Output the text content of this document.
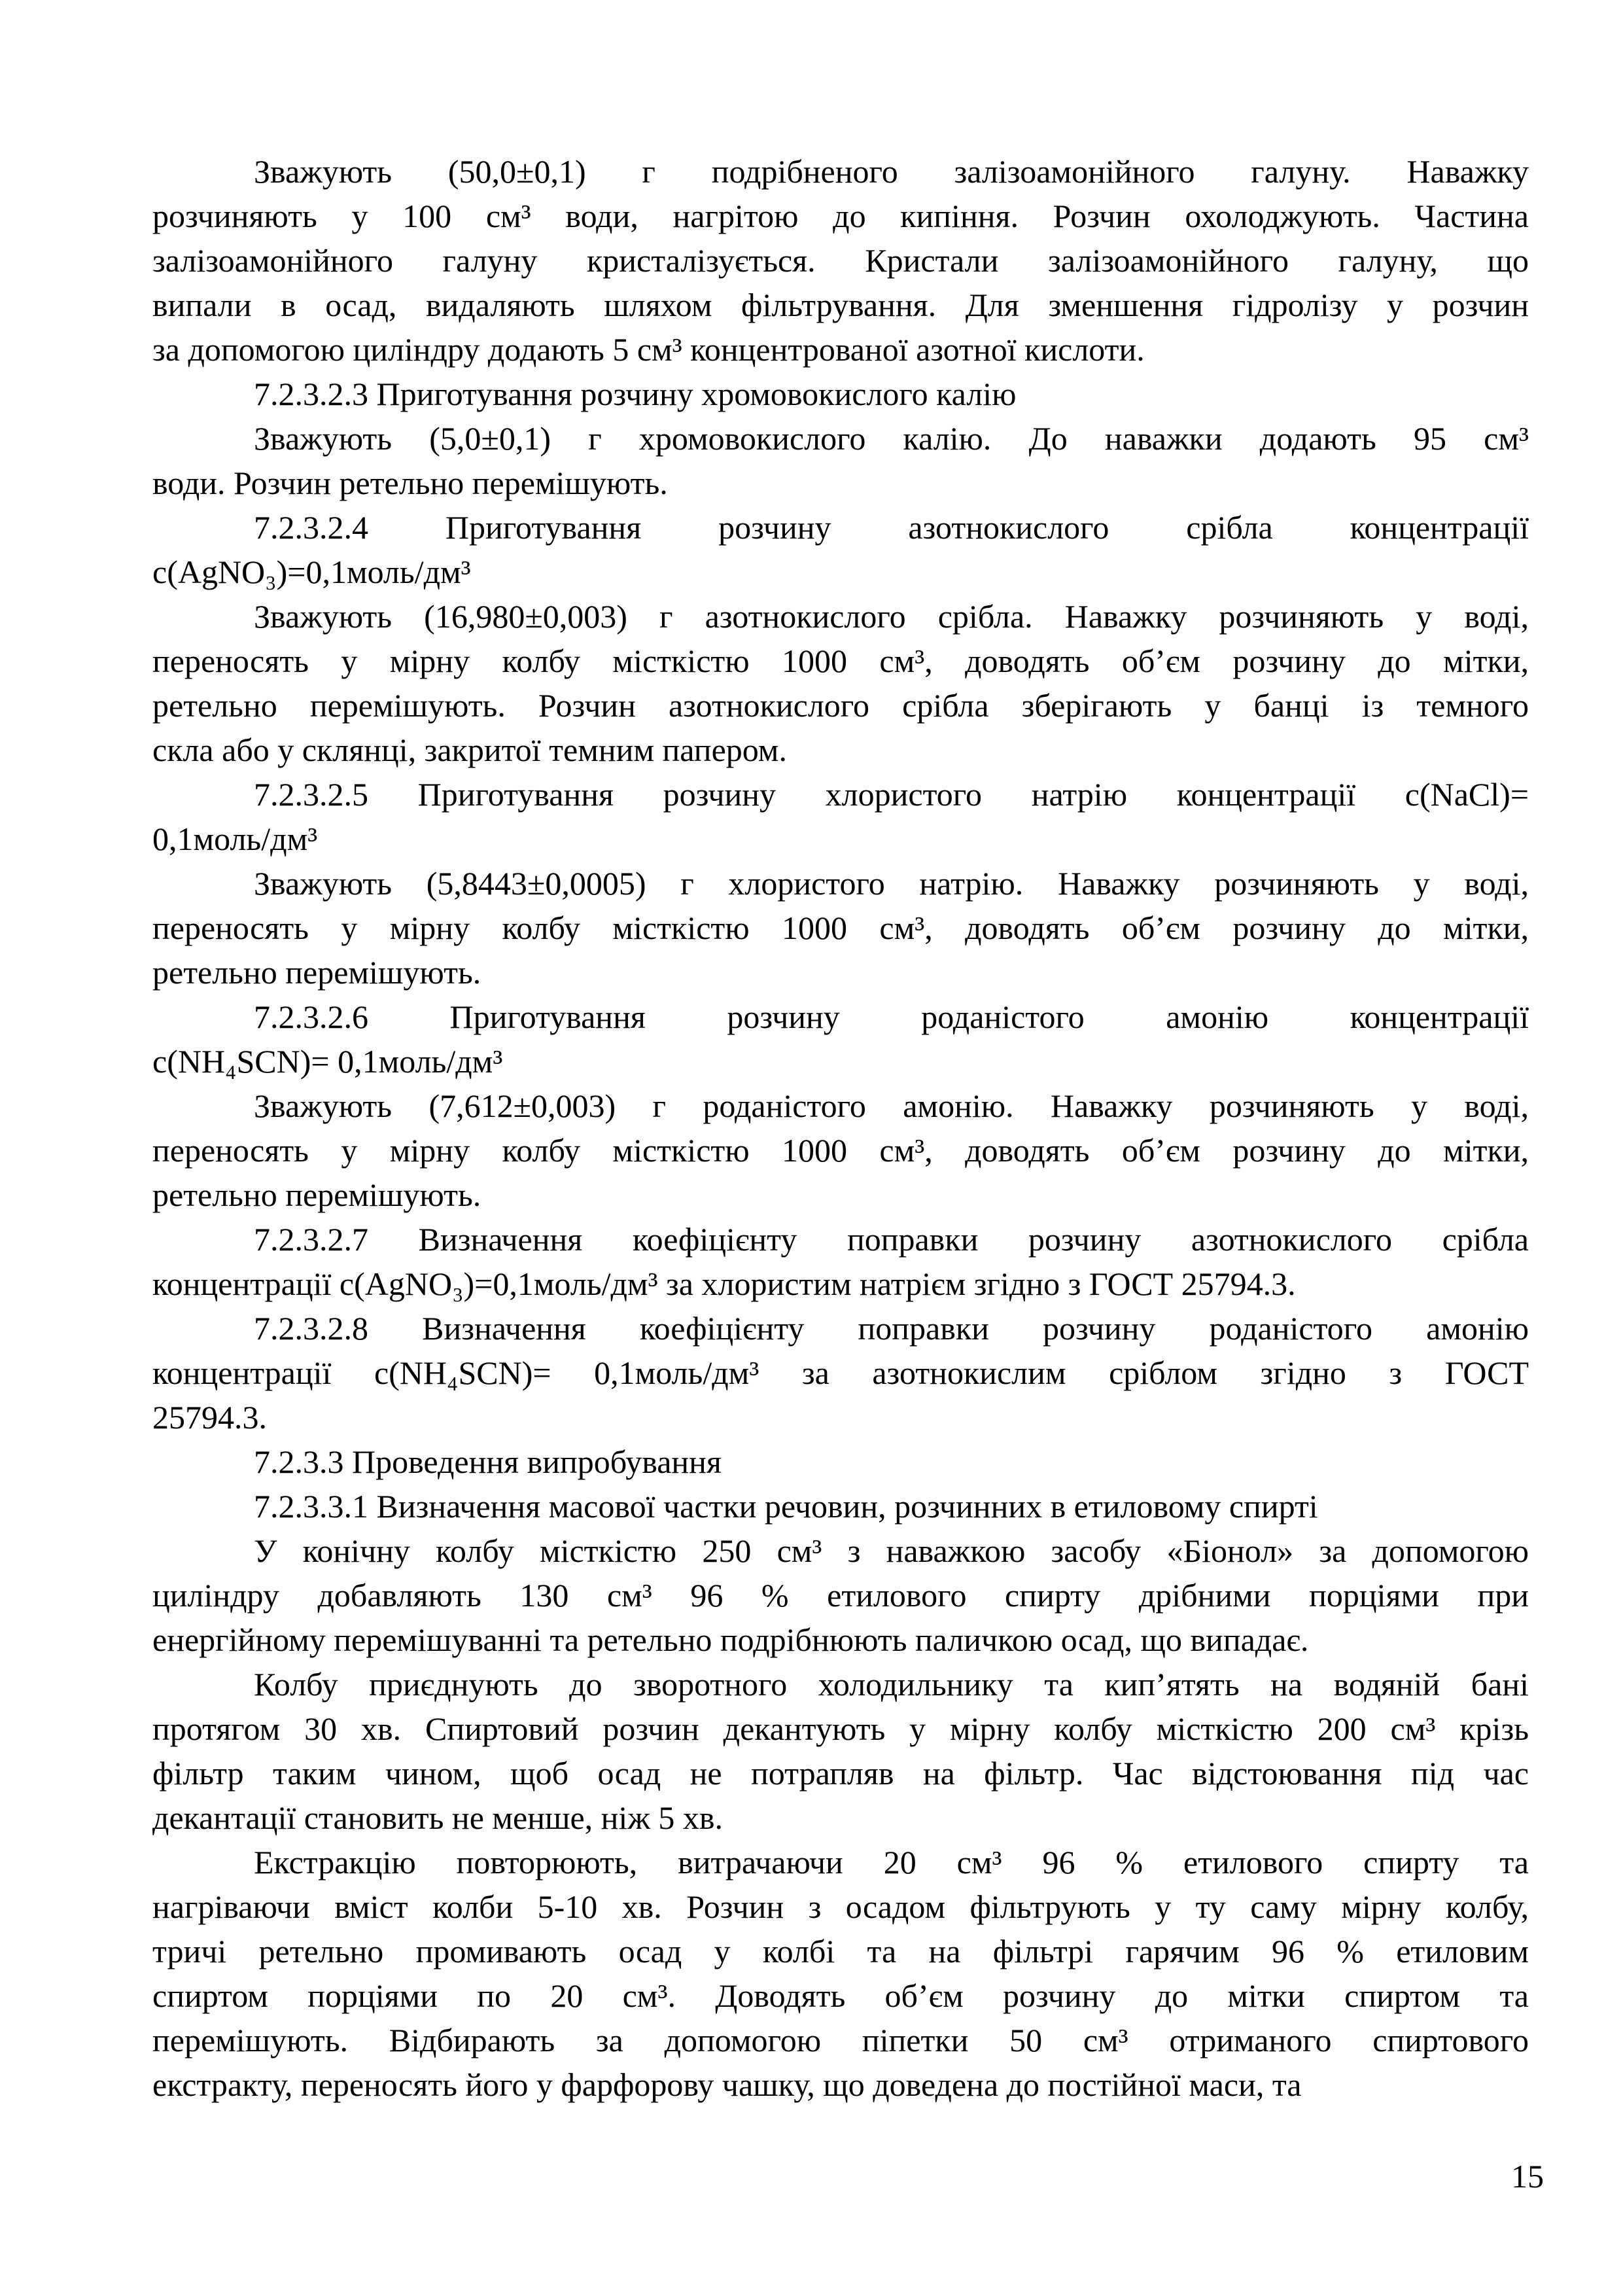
Зважують (50,0±0,1) г подрібненого залізоамонійного галуну. Наважку
розчиняють у 100 см³ води, нагрітою до кипіння. Розчин охолоджують. Частина
залізоамонійного галуну кристалізується. Кристали залізоамонійного галуну, що
випали в осад, видаляють шляхом фільтрування. Для зменшення гідролізу у розчин
за допомогою циліндру додають 5 см³ концентрованої азотної кислоти.
7.2.3.2.3 Приготування розчину хромовокислого калію
Зважують (5,0±0,1) г хромовокислого калію. До наважки додають 95 см³
води. Розчин ретельно перемішують.
7.2.3.2.4 Приготування розчину азотнокислого срібла концентрації
c(AgNO₃)=0,1моль/дм³
Зважують (16,980±0,003) г азотнокислого срібла. Наважку розчиняють у воді,
переносять у мірну колбу місткістю 1000 см³, доводять об’єм розчину до мітки,
ретельно перемішують. Розчин азотнокислого срібла зберігають у банці із темного
скла або у склянці, закритої темним папером.
7.2.3.2.5 Приготування розчину хлористого натрію концентрації c(NaCl)=
0,1моль/дм³
Зважують (5,8443±0,0005) г хлористого натрію. Наважку розчиняють у воді,
переносять у мірну колбу місткістю 1000 см³, доводять об’єм розчину до мітки,
ретельно перемішують.
7.2.3.2.6 Приготування розчину роданістого амонію концентрації
c(NH₄SCN)= 0,1моль/дм³
Зважують (7,612±0,003) г роданістого амонію. Наважку розчиняють у воді,
переносять у мірну колбу місткістю 1000 см³, доводять об’єм розчину до мітки,
ретельно перемішують.
7.2.3.2.7 Визначення коефіцієнту поправки розчину азотнокислого срібла
концентрації c(AgNO₃)=0,1моль/дм³ за хлористим натрієм згідно з ГОСТ 25794.3.
7.2.3.2.8 Визначення коефіцієнту поправки розчину роданістого амонію
концентрації c(NH₄SCN)= 0,1моль/дм³ за азотнокислим сріблом згідно з ГОСТ
25794.3.
7.2.3.3 Проведення випробування
7.2.3.3.1 Визначення масової частки речовин, розчинних в етиловому спирті
У конічну колбу місткістю 250 см³ з наважкою засобу «Біонол» за допомогою
циліндру добавляють 130 см³ 96 % етилового спирту дрібними порціями при
енергійному перемішуванні та ретельно подрібнюють паличкою осад, що випадає.
Колбу приєднують до зворотного холодильнику та кип’ятять на водяній бані
протягом 30 хв. Спиртовий розчин декантують у мірну колбу місткістю 200 см³ крізь
фільтр таким чином, щоб осад не потрапляв на фільтр. Час відстоювання під час
декантації становить не менше, ніж 5 хв.
Екстракцію повторюють, витрачаючи 20 см³ 96 % етилового спирту та
нагріваючи вміст колби 5-10 хв. Розчин з осадом фільтрують у ту саму мірну колбу,
тричі ретельно промивають осад у колбі та на фільтрі гарячим 96 % етиловим
спиртом порціями по 20 см³. Доводять об’єм розчину до мітки спиртом та
перемішують. Відбирають за допомогою піпетки 50 см³ отриманого спиртового
екстракту, переносять його у фарфорову чашку, що доведена до постійної маси, та
15
